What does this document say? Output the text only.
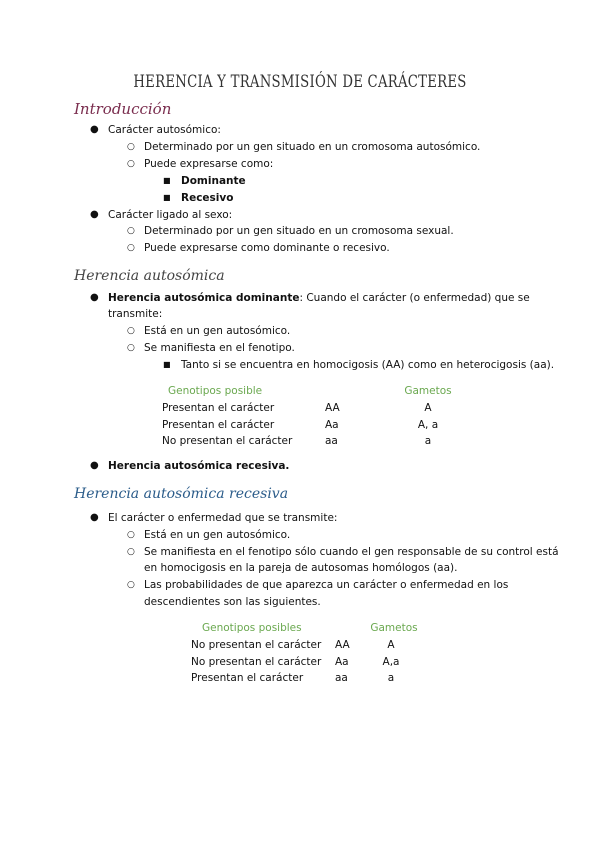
HERENCIA Y TRANSMISIÓN DE CARÁCTERES
Introducción
● Carácter autosómico:
○ Determinado por un gen situado en un cromosoma autosómico.
○ Puede expresarse como:
■ Dominante
■ Recesivo
● Carácter ligado al sexo:
○ Determinado por un gen situado en un cromosoma sexual.
○ Puede expresarse como dominante o recesivo.
Herencia autosómica
● Herencia autosómica dominante: Cuando el carácter (o enfermedad) que se
transmite:
○ Está en un gen autosómico.
○ Se manifiesta en el fenotipo.
■ Tanto si se encuentra en homocigosis (AA) como en heterocigosis (aa).
Genotipos posible	Gametos
Presentan el carácter	AA	A
Presentan el carácter	Aa	A, a
No presentan el carácter	aa	a
● Herencia autosómica recesiva.
Herencia autosómica recesiva
● El carácter o enfermedad que se transmite:
○ Está en un gen autosómico.
○ Se manifiesta en el fenotipo sólo cuando el gen responsable de su control está
en homocigosis en la pareja de autosomas homólogos (aa).
○ Las probabilidades de que aparezca un carácter o enfermedad en los
descendientes son las siguientes.
Genotipos posibles	Gametos
No presentan el carácter AA	A
No presentan el carácter Aa	A,a
Presentan el carácter	aa	a
